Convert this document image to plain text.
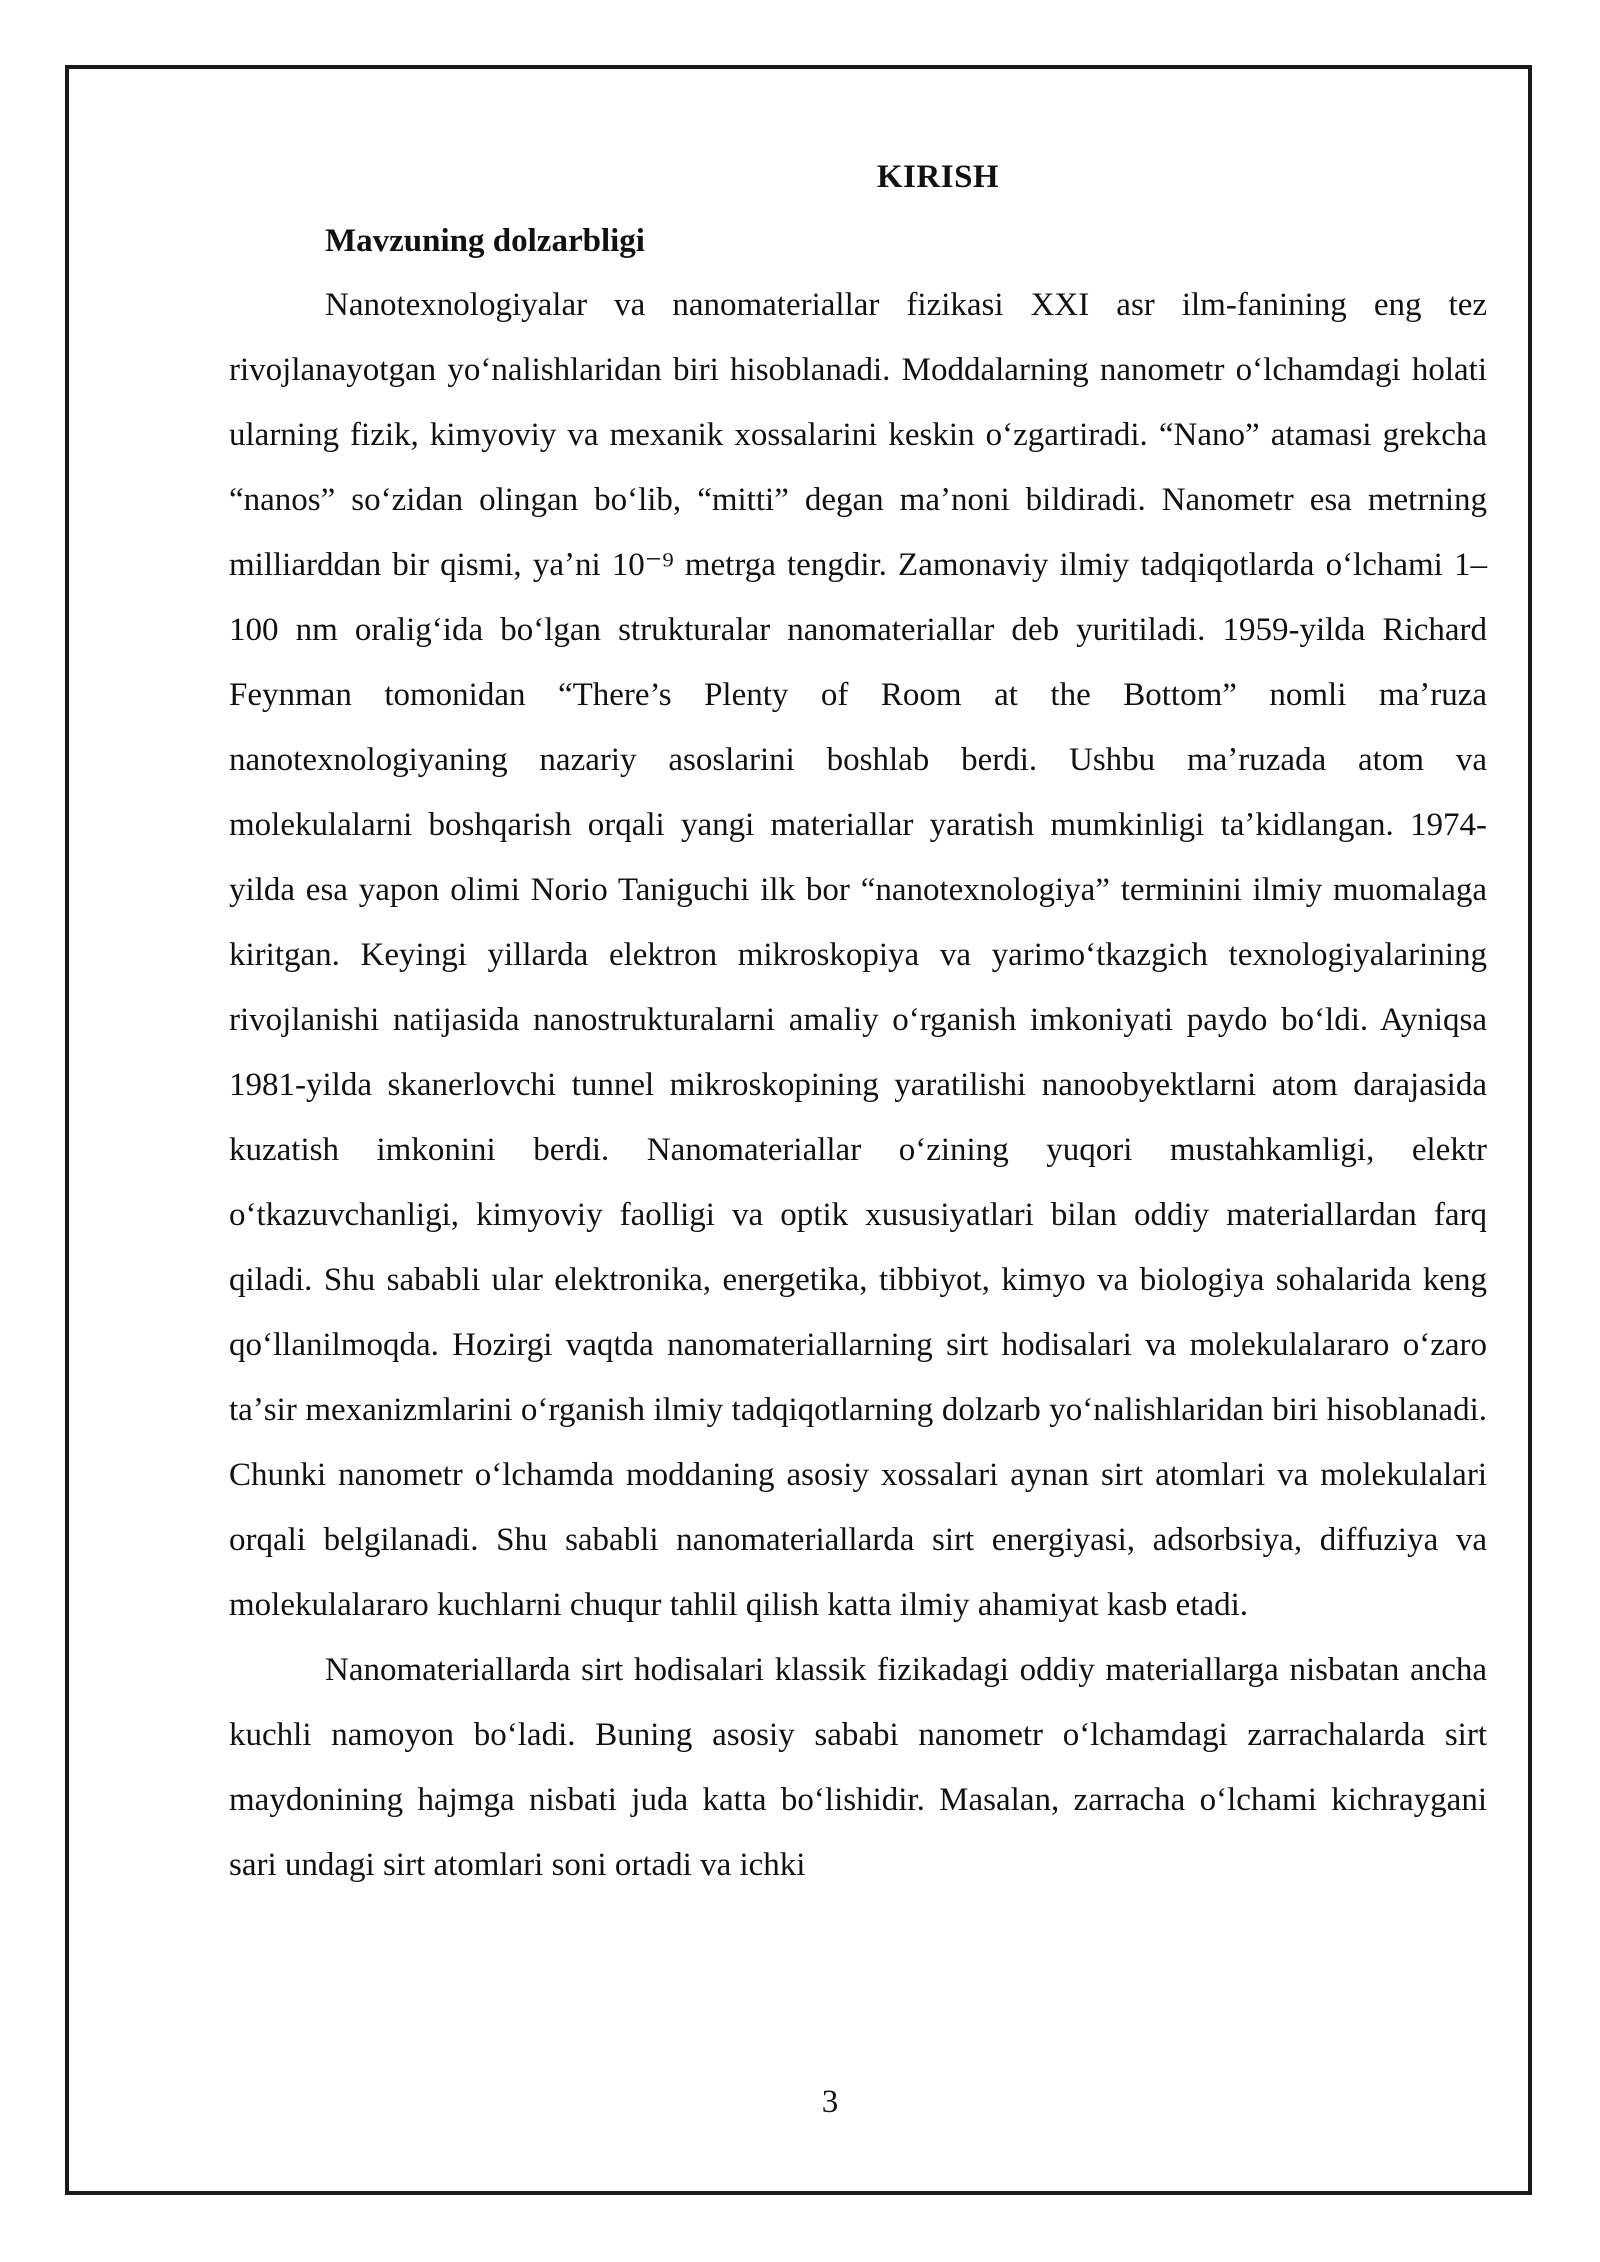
KIRISH
Mavzuning dolzarbligi

Nanotexnologiyalar va nanomateriallar fizikasi XXI asr ilm-fanining eng tez rivojlanayotgan yoʻnalishlaridan biri hisoblanadi. Moddalarning nanometr oʻlchamdagi holati ularning fizik, kimyoviy va mexanik xossalarini keskin oʻzgartiradi. “Nano” atamasi grekcha “nanos” soʻzidan olingan boʻlib, “mitti” degan maʼnoni bildiradi. Nanometr esa metrning milliarddan bir qismi, yaʼni 10⁻⁹ metrga tengdir. Zamonaviy ilmiy tadqiqotlarda oʻlchami 1–100 nm oraligʻida boʻlgan strukturalar nanomateriallar deb yuritiladi. 1959-yilda Richard Feynman tomonidan “There’s Plenty of Room at the Bottom” nomli maʼruza nanotexnologiyaning nazariy asoslarini boshlab berdi. Ushbu maʼruzada atom va molekulalarni boshqarish orqali yangi materiallar yaratish mumkinligi taʼkidlangan. 1974-yilda esa yapon olimi Norio Taniguchi ilk bor “nanotexnologiya” terminini ilmiy muomalaga kiritgan. Keyingi yillarda elektron mikroskopiya va yarimoʻtkazgich texnologiyalarining rivojlanishi natijasida nanostrukturalarni amaliy oʻrganish imkoniyati paydo boʻldi. Ayniqsa 1981-yilda skanerlovchi tunnel mikroskopining yaratilishi nanoobyektlarni atom darajasida kuzatish imkonini berdi. Nanomateriallar oʻzining yuqori mustahkamligi, elektr oʻtkazuvchanligi, kimyoviy faolligi va optik xususiyatlari bilan oddiy materiallardan farq qiladi. Shu sababli ular elektronika, energetika, tibbiyot, kimyo va biologiya sohalarida keng qoʻllanilmoqda. Hozirgi vaqtda nanomateriallarning sirt hodisalari va molekulalararo oʻzaro taʼsir mexanizmlarini oʻrganish ilmiy tadqiqotlarning dolzarb yoʻnalishlaridan biri hisoblanadi. Chunki nanometr oʻlchamda moddaning asosiy xossalari aynan sirt atomlari va molekulalari orqali belgilanadi. Shu sababli nanomateriallarda sirt energiyasi, adsorbsiya, diffuziya va molekulalararo kuchlarni chuqur tahlil qilish katta ilmiy ahamiyat kasb etadi.

Nanomateriallarda sirt hodisalari klassik fizikadagi oddiy materiallarga nisbatan ancha kuchli namoyon boʻladi. Buning asosiy sababi nanometr oʻlchamdagi zarrachalarda sirt maydonining hajmga nisbati juda katta boʻlishidir. Masalan, zarracha oʻlchami kichraygani sari undagi sirt atomlari soni ortadi va ichki

3
